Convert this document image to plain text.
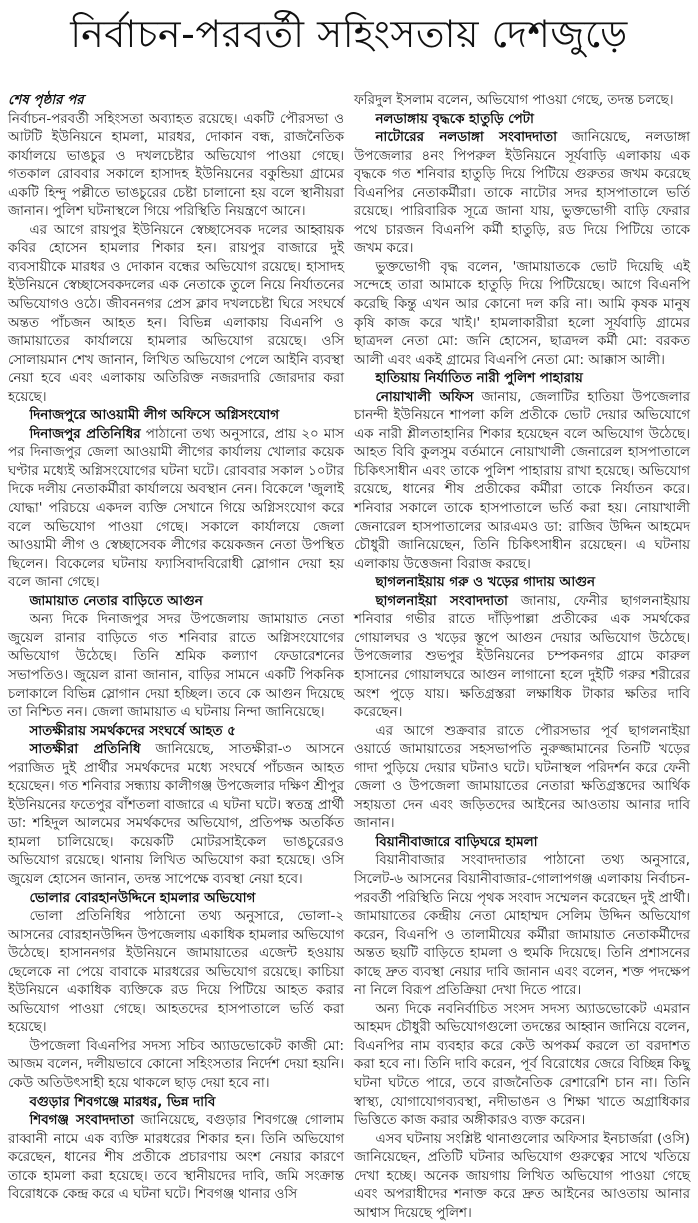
নির্বাচন-পরবর্তী সহিংসতায় দেশজুড়ে

শেষ পৃষ্ঠার পর

নির্বাচন-পরবর্তী সহিংসতা অব্যাহত রয়েছে। একটি পৌরসভা ও আটটি ইউনিয়নে হামলা, মারধর, দোকান বন্ধ, রাজনৈতিক কার্যালয়ে ভাঙচুর ও দখলচেষ্টার অভিযোগ পাওয়া গেছে। গতকাল রোববার সকালে হাসাদহ ইউনিয়নের বকুন্ডিয়া গ্রামের একটি হিন্দু পল্লীতে ভাঙচুরের চেষ্টা চালানো হয় বলে স্থানীয়রা জানান। পুলিশ ঘটনাস্থলে গিয়ে পরিস্থিতি নিয়ন্ত্রণে আনে।

এর আগে রায়পুর ইউনিয়নে স্বেচ্ছাসেবক দলের আহ্বায়ক কবির হোসেন হামলার শিকার হন। রায়পুর বাজারে দুই ব্যবসায়ীকে মারধর ও দোকান বন্ধের অভিযোগ রয়েছে। হাসাদহ ইউনিয়নে স্বেচ্ছাসেবকদলের এক নেতাকে তুলে নিয়ে নির্যাতনের অভিযোগও ওঠে। জীবননগর প্রেস ক্লাব দখলচেষ্টা ঘিরে সংঘর্ষে অন্তত পাঁচজন আহত হন। বিভিন্ন এলাকায় বিএনপি ও জামায়াতের কার্যালয়ে হামলার অভিযোগ রয়েছে। ওসি সোলায়মান শেখ জানান, লিখিত অভিযোগ পেলে আইনি ব্যবস্থা নেয়া হবে এবং এলাকায় অতিরিক্ত নজরদারি জোরদার করা হয়েছে।

দিনাজপুরে আওয়ামী লীগ অফিসে অগ্নিসংযোগ

দিনাজপুর প্রতিনিধির পাঠানো তথ্য অনুসারে, প্রায় ২০ মাস পর দিনাজপুর জেলা আওয়ামী লীগের কার্যালয় খোলার কয়েক ঘণ্টার মধ্যেই অগ্নিসংযোগের ঘটনা ঘটে। রোববার সকাল ১০টার দিকে দলীয় নেতাকর্মীরা কার্যালয়ে অবস্থান নেন। বিকেলে 'জুলাই যোদ্ধা' পরিচয়ে একদল ব্যক্তি সেখানে গিয়ে অগ্নিসংযোগ করে বলে অভিযোগ পাওয়া গেছে। সকালে কার্যালয়ে জেলা আওয়ামী লীগ ও স্বেচ্ছাসেবক লীগের কয়েকজন নেতা উপস্থিত ছিলেন। বিকেলের ঘটনায় ফ্যাসিবাদবিরোধী স্লোগান দেয়া হয় বলে জানা গেছে।

জামায়াত নেতার বাড়িতে আগুন

অন্য দিকে দিনাজপুর সদর উপজেলায় জামায়াত নেতা জুয়েল রানার বাড়িতে গত শনিবার রাতে অগ্নিসংযোগের অভিযোগ উঠেছে। তিনি শ্রমিক কল্যাণ ফেডারেশনের সভাপতিও। জুয়েল রানা জানান, বাড়ির সামনে একটি পিকনিক চলাকালে বিভিন্ন স্লোগান দেয়া হচ্ছিল। তবে কে আগুন দিয়েছে তা নিশ্চিত নন। জেলা জামায়াত এ ঘটনায় নিন্দা জানিয়েছে।

সাতক্ষীরায় সমর্থকদের সংঘর্ষে আহত ৫

সাতক্ষীরা প্রতিনিধি জানিয়েছে, সাতক্ষীরা-৩ আসনে পরাজিত দুই প্রার্থীর সমর্থকদের মধ্যে সংঘর্ষে পাঁচজন আহত হয়েছেন। গত শনিবার সন্ধ্যায় কালীগঞ্জ উপজেলার দক্ষিণ শ্রীপুর ইউনিয়নের ফতেপুর বাঁশতলা বাজারে এ ঘটনা ঘটে। স্বতন্ত্র প্রার্থী ডা: শহিদুল আলমের সমর্থকদের অভিযোগ, প্রতিপক্ষ অতর্কিত হামলা চালিয়েছে। কয়েকটি মোটরসাইকেল ভাঙচুরেরও অভিযোগ রয়েছে। থানায় লিখিত অভিযোগ করা হয়েছে। ওসি জুয়েল হোসেন জানান, তদন্ত সাপেক্ষে ব্যবস্থা নেয়া হবে।

ভোলার বোরহানউদ্দিনে হামলার অভিযোগ

ভোলা প্রতিনিধির পাঠানো তথ্য অনুসারে, ভোলা-২ আসনের বোরহানউদ্দিন উপজেলায় একাধিক হামলার অভিযোগ উঠেছে। হাসাননগর ইউনিয়নে জামায়াতের এজেন্ট হওয়ায় ছেলেকে না পেয়ে বাবাকে মারধরের অভিযোগ রয়েছে। কাচিয়া ইউনিয়নে একাধিক ব্যক্তিকে রড দিয়ে পিটিয়ে আহত করার অভিযোগ পাওয়া গেছে। আহতদের হাসপাতালে ভর্তি করা হয়েছে।

উপজেলা বিএনপির সদস্য সচিব অ্যাডভোকেট কাজী মো: আজম বলেন, দলীয়ভাবে কোনো সহিংসতার নির্দেশ দেয়া হয়নি। কেউ অতিউৎসাহী হয়ে থাকলে ছাড় দেয়া হবে না।

বগুড়ার শিবগঞ্জে মারধর, ভিন্ন দাবি

শিবগঞ্জ সংবাদদাতা জানিয়েছে, বগুড়ার শিবগঞ্জে গোলাম রাব্বানী নামে এক ব্যক্তি মারধরের শিকার হন। তিনি অভিযোগ করেছেন, ধানের শীষ প্রতীকে প্রচারণায় অংশ নেয়ার কারণে তাকে হামলা করা হয়েছে। তবে স্থানীয়দের দাবি, জমি সংক্রান্ত বিরোধকে কেন্দ্র করে এ ঘটনা ঘটে। শিবগঞ্জ থানার ওসি

ফরিদুল ইসলাম বলেন, অভিযোগ পাওয়া গেছে, তদন্ত চলছে।

নলডাঙ্গায় বৃদ্ধকে হাতুড়ি পেটা

নাটোরের নলডাঙ্গা সংবাদদাতা জানিয়েছে, নলডাঙ্গা উপজেলার ৪নং পিপরুল ইউনিয়নে সূর্যবাড়ি এলাকায় এক বৃদ্ধকে গত শনিবার হাতুড়ি দিয়ে পিটিয়ে গুরুতর জখম করেছে বিএনপির নেতাকর্মীরা। তাকে নাটোর সদর হাসপাতালে ভর্তি রয়েছে। পারিবারিক সূত্রে জানা যায়, ভুক্তভোগী বাড়ি ফেরার পথে চারজন বিএনপি কর্মী হাতুড়ি, রড দিয়ে পিটিয়ে তাকে জখম করে।

ভুক্তভোগী বৃদ্ধ বলেন, 'জামায়াতকে ভোট দিয়েছি এই সন্দেহে তারা আমাকে হাতুড়ি দিয়ে পিটিয়েছে। আগে বিএনপি করেছি কিন্তু এখন আর কোনো দল করি না। আমি কৃষক মানুষ কৃষি কাজ করে খাই।' হামলাকারীরা হলো সূর্যবাড়ি গ্রামের ছাত্রদল নেতা মো: জনি হোসেন, ছাত্রদল কর্মী মো: বরকত আলী এবং একই গ্রামের বিএনপি নেতা মো: আক্কাস আলী।

হাতিয়ায় নির্যাতিত নারী পুলিশ পাহারায়

নোয়াখালী অফিস জানায়, জেলাটির হাতিয়া উপজেলার চানন্দী ইউনিয়নে শাপলা কলি প্রতীকে ভোট দেয়ার অভিযোগে এক নারী শ্লীলতাহানির শিকার হয়েছেন বলে অভিযোগ উঠেছে। আহত বিবি কুলসুম বর্তমানে নোয়াখালী জেনারেল হাসপাতালে চিকিৎসাধীন এবং তাকে পুলিশ পাহারায় রাখা হয়েছে। অভিযোগ রয়েছে, ধানের শীষ প্রতীকের কর্মীরা তাকে নির্যাতন করে। শনিবার সকালে তাকে হাসপাতালে ভর্তি করা হয়। নোয়াখালী জেনারেল হাসপাতালের আরএমও ডা: রাজিব উদ্দিন আহমেদ চৌধুরী জানিয়েছেন, তিনি চিকিৎসাধীন রয়েছেন। এ ঘটনায় এলাকায় উত্তেজনা বিরাজ করছে।

ছাগলনাইয়ায় গরু ও খড়ের গাদায় আগুন

ছাগলনাইয়া সংবাদদাতা জানায়, ফেনীর ছাগলনাইয়ায় শনিবার গভীর রাতে দাঁড়িপাল্লা প্রতীকের এক সমর্থকের গোয়ালঘর ও খড়ের স্তূপে আগুন দেয়ার অভিযোগ উঠেছে। উপজেলার শুভপুর ইউনিয়নের চম্পকনগর গ্রামে কারুল হাসানের গোয়ালঘরে আগুন লাগানো হলে দুইটি গরুর শরীরের অংশ পুড়ে যায়। ক্ষতিগ্রস্তরা লক্ষাধিক টাকার ক্ষতির দাবি করেছেন।

এর আগে শুক্রবার রাতে পৌরসভার পূর্ব ছাগলনাইয়া ওয়ার্ডে জামায়াতের সহসভাপতি নুরুজ্জামানের তিনটি খড়ের গাদা পুড়িয়ে দেয়ার ঘটনাও ঘটে। ঘটনাস্থল পরিদর্শন করে ফেনী জেলা ও উপজেলা জামায়াতের নেতারা ক্ষতিগ্রস্তদের আর্থিক সহায়তা দেন এবং জড়িতদের আইনের আওতায় আনার দাবি জানান।

বিয়ানীবাজারে বাড়িঘরে হামলা

বিয়ানীবাজার সংবাদদাতার পাঠানো তথ্য অনুসারে, সিলেট-৬ আসনের বিয়ানীবাজার-গোলাপগঞ্জ এলাকায় নির্বাচন-পরবর্তী পরিস্থিতি নিয়ে পৃথক সংবাদ সম্মেলন করেছেন দুই প্রার্থী। জামায়াতের কেন্দ্রীয় নেতা মোহাম্মদ সেলিম উদ্দিন অভিযোগ করেন, বিএনপি ও তালামীযের কর্মীরা জামায়াত নেতাকর্মীদের অন্তত ছয়টি বাড়িতে হামলা ও হুমকি দিয়েছে। তিনি প্রশাসনের কাছে দ্রুত ব্যবস্থা নেয়ার দাবি জানান এবং বলেন, শক্ত পদক্ষেপ না নিলে বিরূপ প্রতিক্রিয়া দেখা দিতে পারে।

অন্য দিকে নবনির্বাচিত সংসদ সদস্য অ্যাডভোকেট এমরান আহমদ চৌধুরী অভিযোগগুলো তদন্তের আহ্বান জানিয়ে বলেন, বিএনপির নাম ব্যবহার করে কেউ অপকর্ম করলে তা বরদাশত করা হবে না। তিনি দাবি করেন, পূর্ব বিরোধের জেরে বিচ্ছিন্ন কিছু ঘটনা ঘটতে পারে, তবে রাজনৈতিক রেশারেশি চান না। তিনি স্বাস্থ্য, যোগাযোগব্যবস্থা, নদীভাঙন ও শিক্ষা খাতে অগ্রাধিকার ভিত্তিতে কাজ করার অঙ্গীকারও ব্যক্ত করেন।

এসব ঘটনায় সংশ্লিষ্ট থানাগুলোর অফিসার ইনচার্জরা (ওসি) জানিয়েছেন, প্রতিটি ঘটনার অভিযোগ গুরুত্বের সাথে খতিয়ে দেখা হচ্ছে। অনেক জায়গায় লিখিত অভিযোগ পাওয়া গেছে এবং অপরাধীদের শনাক্ত করে দ্রুত আইনের আওতায় আনার আশ্বাস দিয়েছে পুলিশ।
